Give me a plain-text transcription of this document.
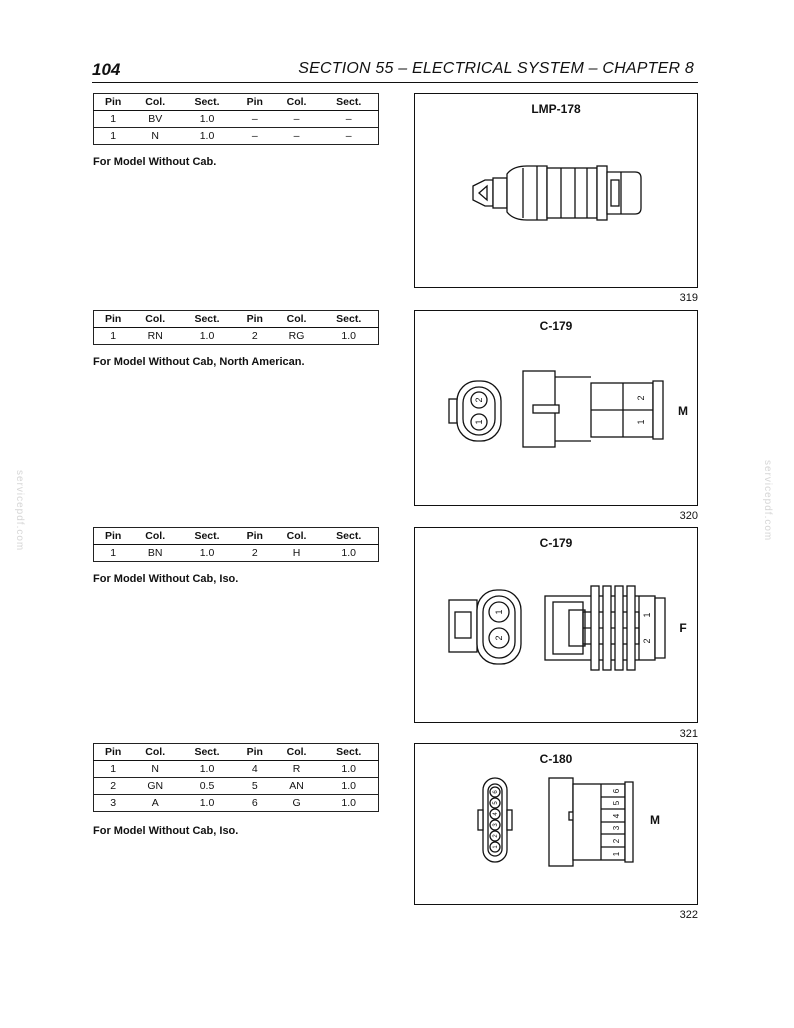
104	SECTION 55 – ELECTRICAL SYSTEM – CHAPTER 8
servicepdf.com	servicepdf.com
Pin	Col.	Sect.	Pin	Col.	Sect.
1	BV	1.0	–	–	–
1	N	1.0	–	–	–
For Model Without Cab.
LMP-178
319
Pin	Col.	Sect.	Pin	Col.	Sect.
1	RN	1.0	2	RG	1.0
For Model Without Cab, North American.
C-179
2
1
2
1
M
320
Pin	Col.	Sect.	Pin	Col.	Sect.
1	BN	1.0	2	H	1.0
For Model Without Cab, Iso.
C-179
1
2
1
2
F
321
Pin	Col.	Sect.	Pin	Col.	Sect.
1	N	1.0	4	R	1.0
2	GN	0.5	5	AN	1.0
3	A	1.0	6	G	1.0
For Model Without Cab, Iso.
C-180
6
5
4
3
2
1
6
5
4
3
2
1
M
322
